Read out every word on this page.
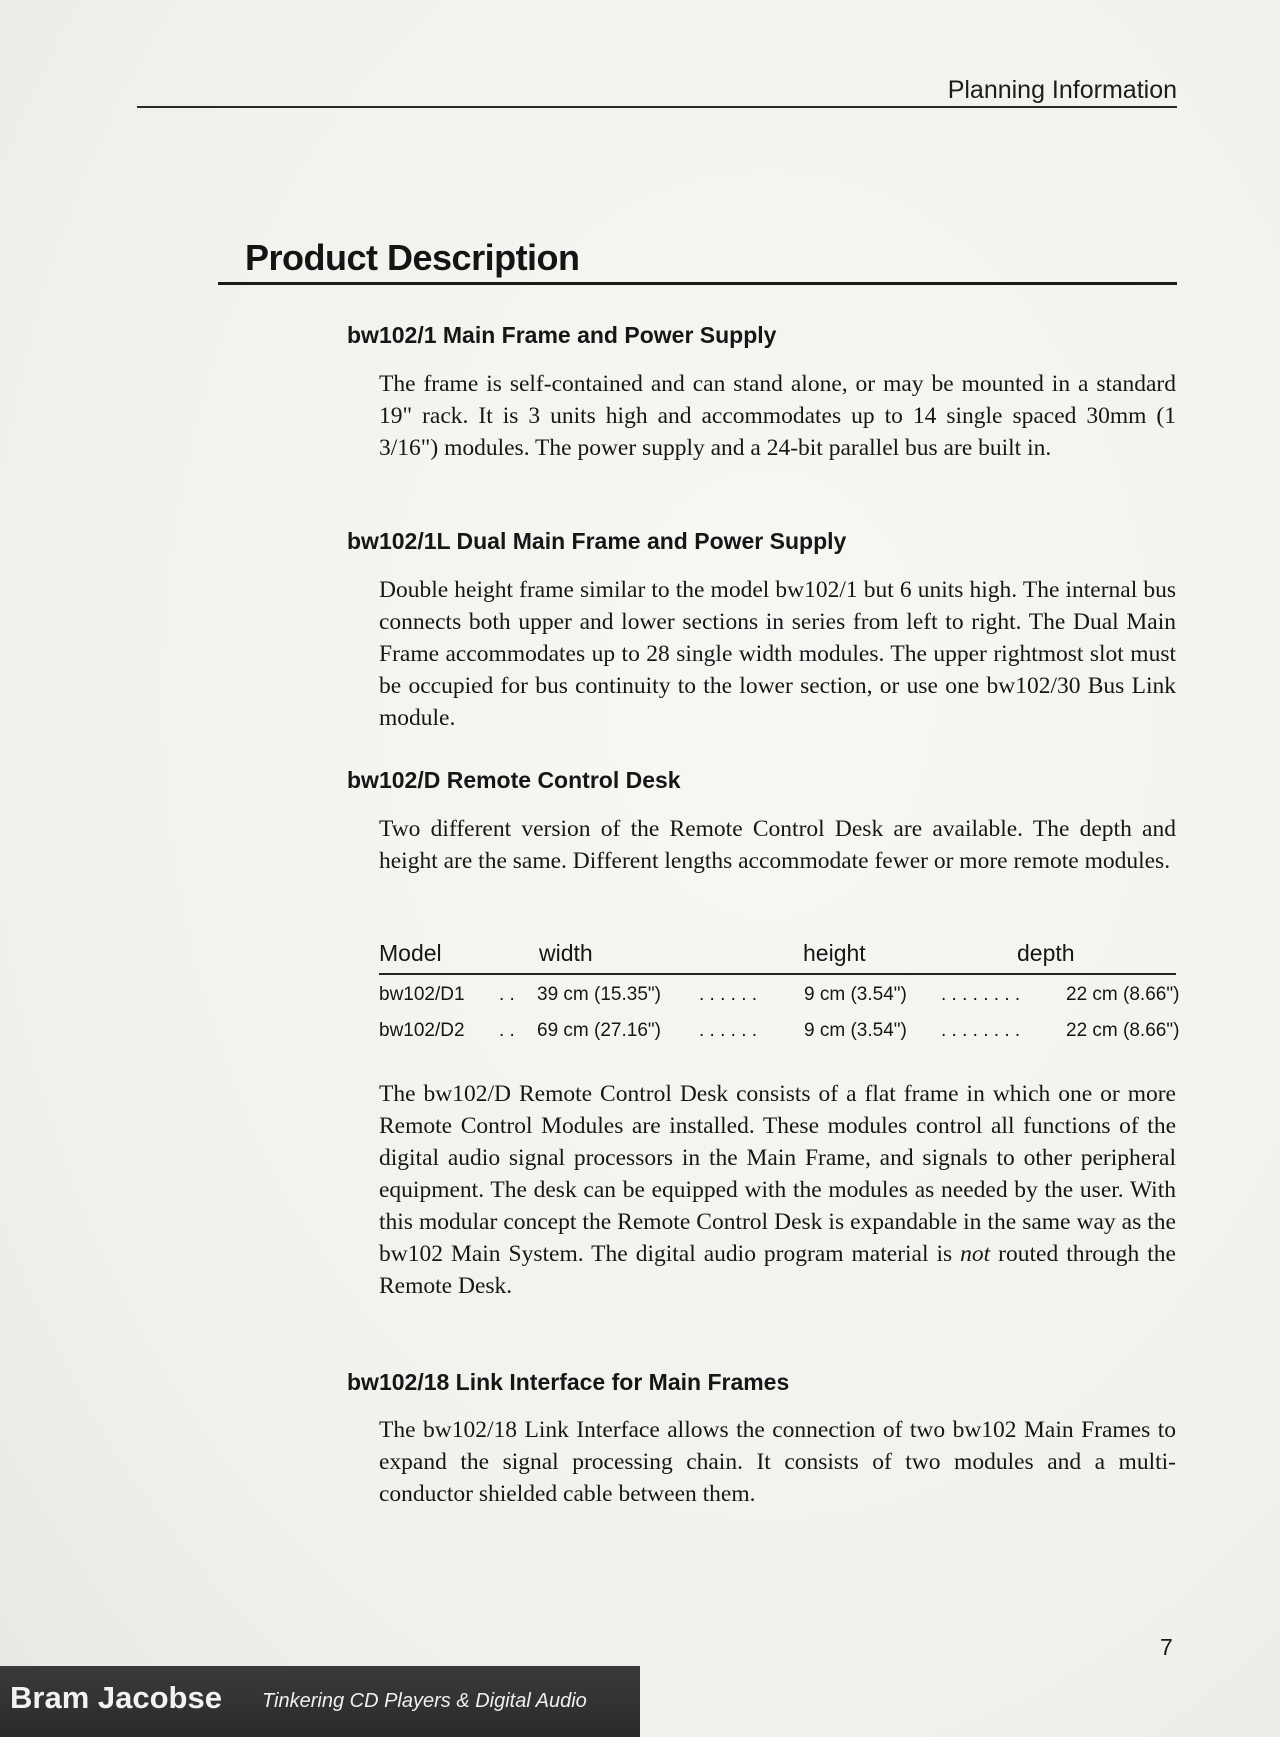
Planning Information
Product Description
bw102/1 Main Frame and Power Supply
The frame is self-contained and can stand alone, or may be mounted in a standard 19" rack. It is 3 units high and accommodates up to 14 single spaced 30mm (1 3/16") modules. The power supply and a 24-bit parallel bus are built in.
bw102/1L Dual Main Frame and Power Supply
Double height frame similar to the model bw102/1 but 6 units high. The internal bus connects both upper and lower sections in series from left to right. The Dual Main Frame accommodates up to 28 single width modules. The upper rightmost slot must be occupied for bus continuity to the lower section, or use one bw102/30 Bus Link module.
bw102/D Remote Control Desk
Two different version of the Remote Control Desk are available. The depth and height are the same. Different lengths accommodate fewer or more remote modules.
Model	width	height	depth
bw102/D1 . . 39 cm (15.35") . . . . . . 9 cm (3.54") . . . . . . . . 22 cm (8.66")
bw102/D2 . . 69 cm (27.16") . . . . . . 9 cm (3.54") . . . . . . . . 22 cm (8.66")
The bw102/D Remote Control Desk consists of a flat frame in which one or more Remote Control Modules are installed. These modules control all functions of the digital audio signal processors in the Main Frame, and signals to other peripheral equipment. The desk can be equipped with the modules as needed by the user. With this modular concept the Remote Control Desk is expandable in the same way as the bw102 Main System. The digital audio program material is not routed through the Remote Desk.
bw102/18 Link Interface for Main Frames
The bw102/18 Link Interface allows the connection of two bw102 Main Frames to expand the signal processing chain. It consists of two modules and a multi-conductor shielded cable between them.
7
Bram Jacobse Tinkering CD Players & Digital Audio
